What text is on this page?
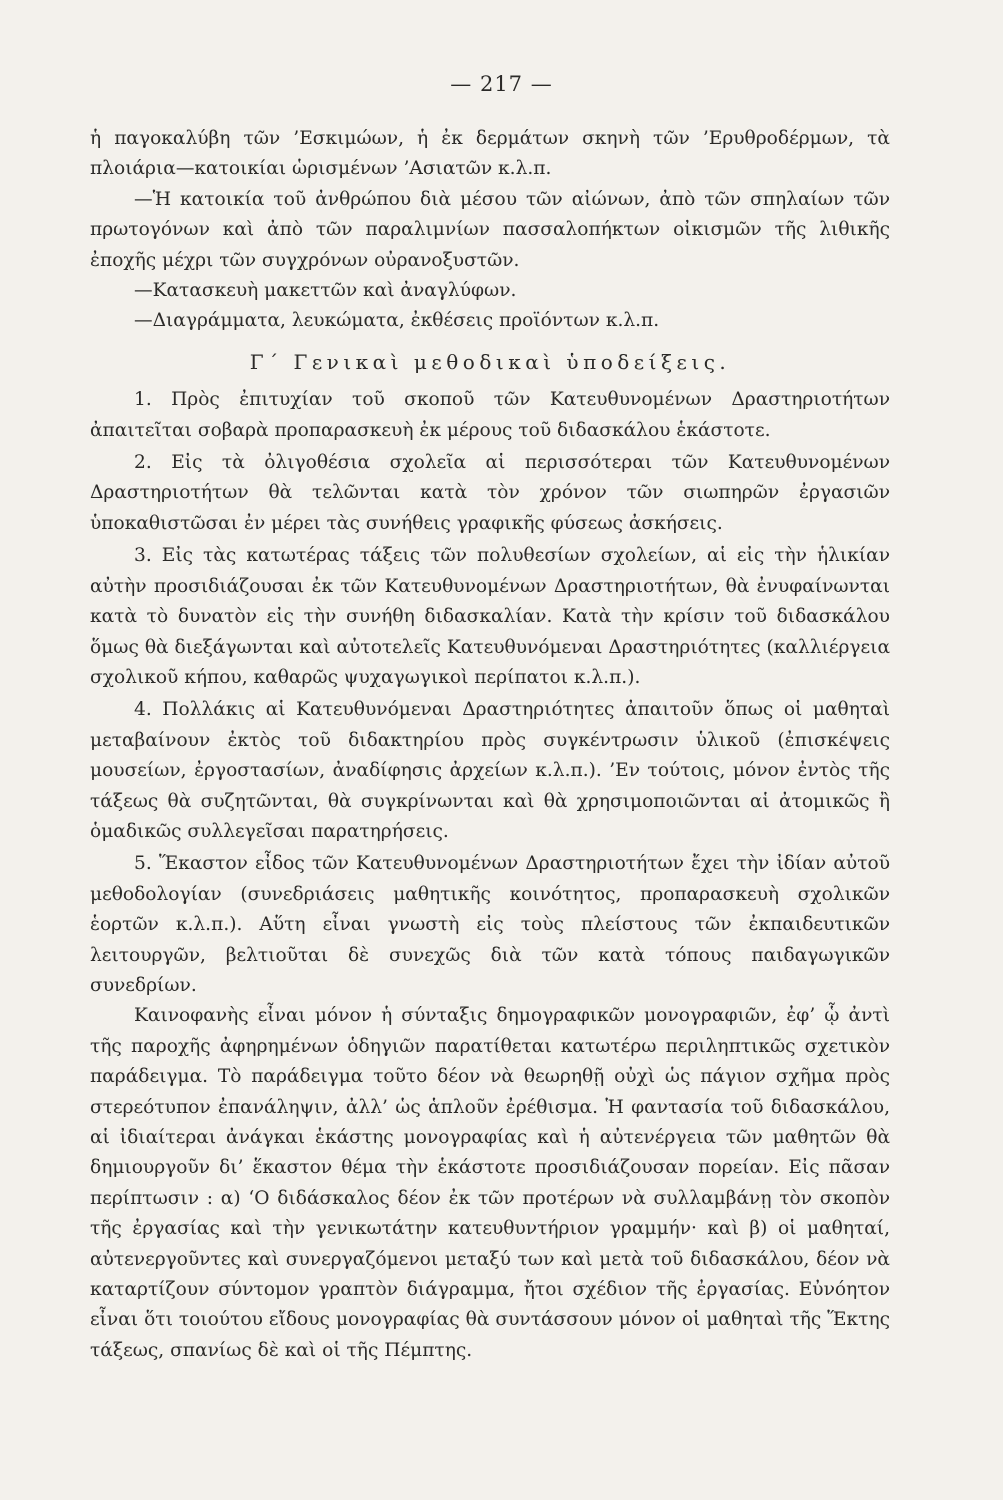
— 217 —

ἡ παγοκαλύβη τῶν ’Εσκιμώων, ἡ ἐκ δερμάτων σκηνὴ τῶν ’Ερυθροδέρμων, τὰ πλοιάρια—κατοικίαι ὡρισμένων ’Ασιατῶν κ.λ.π.

—Ἡ κατοικία τοῦ ἀνθρώπου διὰ μέσου τῶν αἰώνων, ἀπὸ τῶν σπηλαίων τῶν πρωτογόνων καὶ ἀπὸ τῶν παραλιμνίων πασσαλοπήκτων οἰκισμῶν τῆς λιθικῆς ἐποχῆς μέχρι τῶν συγχρόνων οὐρανοξυστῶν.

—Κατασκευὴ μακεττῶν καὶ ἀναγλύφων.

—Διαγράμματα, λευκώματα, ἐκθέσεις προϊόντων κ.λ.π.

Γ΄ Γενικαὶ μεθοδικαὶ ὑποδείξεις.

1. Πρὸς ἐπιτυχίαν τοῦ σκοποῦ τῶν Κατευθυνομένων Δραστηριοτήτων ἀπαιτεῖται σοβαρὰ προπαρασκευὴ ἐκ μέρους τοῦ διδασκάλου ἑκάστοτε.

2. Εἰς τὰ ὀλιγοθέσια σχολεῖα αἱ περισσότεραι τῶν Κατευθυνομένων Δραστηριοτήτων θὰ τελῶνται κατὰ τὸν χρόνον τῶν σιωπηρῶν ἐργασιῶν ὑποκαθιστῶσαι ἐν μέρει τὰς συνήθεις γραφικῆς φύσεως ἀσκήσεις.

3. Εἰς τὰς κατωτέρας τάξεις τῶν πολυθεσίων σχολείων, αἱ εἰς τὴν ἡλικίαν αὐτὴν προσιδιάζουσαι ἐκ τῶν Κατευθυνομένων Δραστηριοτήτων, θὰ ἐνυφαίνωνται κατὰ τὸ δυνατὸν εἰς τὴν συνήθη διδασκαλίαν. Κατὰ τὴν κρίσιν τοῦ διδασκάλου ὅμως θὰ διεξάγωνται καὶ αὐτοτελεῖς Κατευθυνόμεναι Δραστηριότητες (καλλιέργεια σχολικοῦ κήπου, καθαρῶς ψυχαγωγικοὶ περίπατοι κ.λ.π.).

4. Πολλάκις αἱ Κατευθυνόμεναι Δραστηριότητες ἀπαιτοῦν ὅπως οἱ μαθηταὶ μεταβαίνουν ἐκτὸς τοῦ διδακτηρίου πρὸς συγκέντρωσιν ὑλικοῦ (ἐπισκέψεις μουσείων, ἐργοστασίων, ἀναδίφησις ἀρχείων κ.λ.π.). ’Εν τούτοις, μόνον ἐντὸς τῆς τάξεως θὰ συζητῶνται, θὰ συγκρίνωνται καὶ θὰ χρησιμοποιῶνται αἱ ἀτομικῶς ἢ ὁμαδικῶς συλλεγεῖσαι παρατηρήσεις.

5. Ἕκαστον εἶδος τῶν Κατευθυνομένων Δραστηριοτήτων ἔχει τὴν ἰδίαν αὐτοῦ μεθοδολογίαν (συνεδριάσεις μαθητικῆς κοινότητος, προπαρασκευὴ σχολικῶν ἑορτῶν κ.λ.π.). Αὕτη εἶναι γνωστὴ εἰς τοὺς πλείστους τῶν ἐκπαιδευτικῶν λειτουργῶν, βελτιοῦται δὲ συνεχῶς διὰ τῶν κατὰ τόπους παιδαγωγικῶν συνεδρίων.

Καινοφανὴς εἶναι μόνον ἡ σύνταξις δημογραφικῶν μονογραφιῶν, ἐφ’ ᾧ ἀντὶ τῆς παροχῆς ἀφηρημένων ὁδηγιῶν παρατίθεται κατωτέρω περιληπτικῶς σχετικὸν παράδειγμα. Τὸ παράδειγμα τοῦτο δέον νὰ θεωρηθῇ οὐχὶ ὡς πάγιον σχῆμα πρὸς στερεότυπον ἐπανάληψιν, ἀλλ’ ὡς ἁπλοῦν ἐρέθισμα. Ἡ φαντασία τοῦ διδασκάλου, αἱ ἰδιαίτεραι ἀνάγκαι ἑκάστης μονογραφίας καὶ ἡ αὐτενέργεια τῶν μαθητῶν θὰ δημιουργοῦν δι’ ἕκαστον θέμα τὴν ἑκάστοτε προσιδιάζουσαν πορείαν. Εἰς πᾶσαν περίπτωσιν : α) ‘Ο διδάσκαλος δέον ἐκ τῶν προτέρων νὰ συλλαμβάνῃ τὸν σκοπὸν τῆς ἐργασίας καὶ τὴν γενικωτάτην κατευθυντήριον γραμμήν· καὶ β) οἱ μαθηταί, αὐτενεργοῦντες καὶ συνεργαζόμενοι μεταξύ των καὶ μετὰ τοῦ διδασκάλου, δέον νὰ καταρτίζουν σύντομον γραπτὸν διάγραμμα, ἤτοι σχέδιον τῆς ἐργασίας. Εὐνόητον εἶναι ὅτι τοιούτου εἴδους μονογραφίας θὰ συντάσσουν μόνον οἱ μαθηταὶ τῆς Ἕκτης τάξεως, σπανίως δὲ καὶ οἱ τῆς Πέμπτης.
